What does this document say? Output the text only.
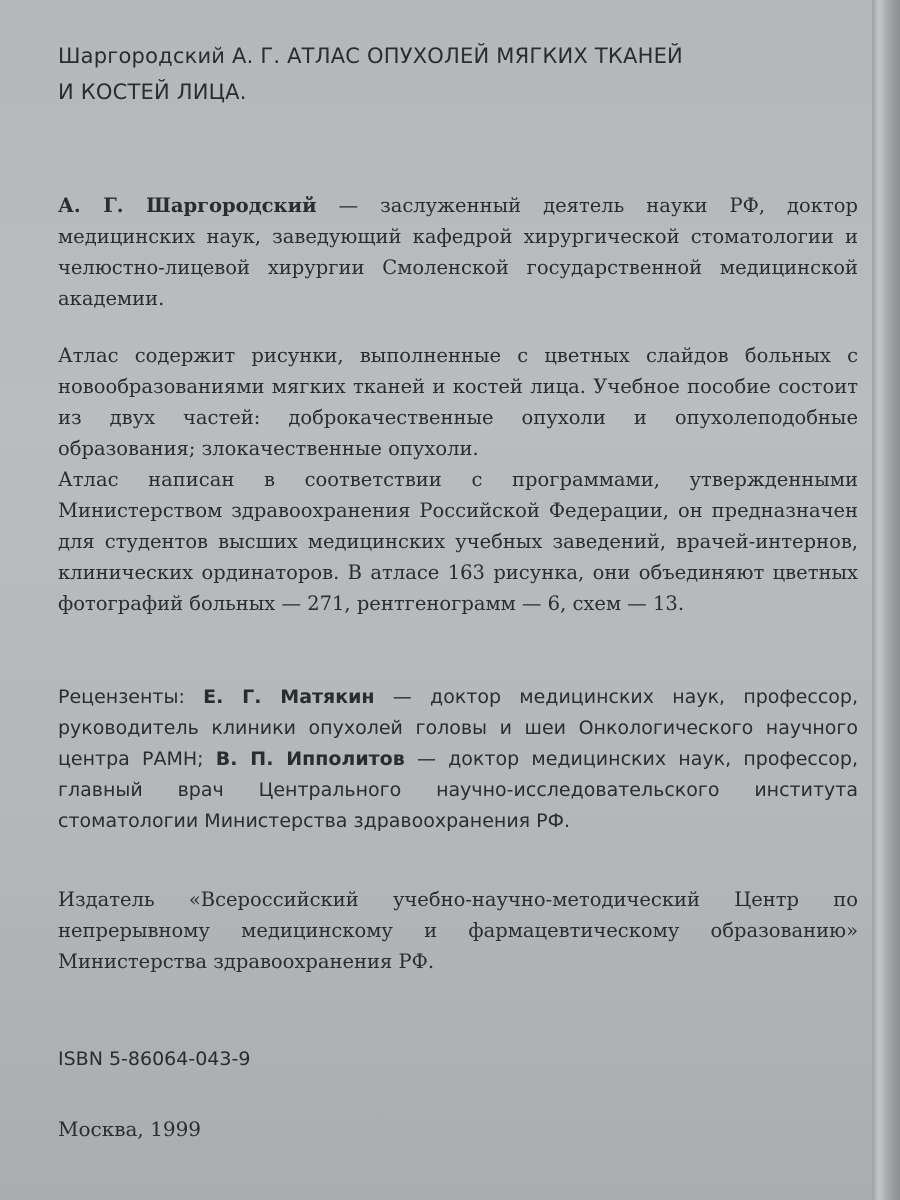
Шаргородский А. Г. АТЛАС ОПУХОЛЕЙ МЯГКИХ ТКАНЕЙ
И КОСТЕЙ ЛИЦА.

А. Г. Шаргородский — заслуженный деятель науки РФ, доктор медицинских наук, заведующий кафедрой хирургической стоматологии и челюстно-лицевой хирургии Смоленской государственной медицинской академии.

Атлас содержит рисунки, выполненные с цветных слайдов больных с новообразованиями мягких тканей и костей лица. Учебное пособие состоит из двух частей: доброкачественные опухоли и опухолеподобные образования; злокачественные опухоли.

Атлас написан в соответствии с программами, утвержденными Министерством здравоохранения Российской Федерации, он предназначен для студентов высших медицинских учебных заведений, врачей-интернов, клинических ординаторов. В атласе 163 рисунка, они объединяют цветных фотографий больных — 271, рентгенограмм — 6, схем — 13.

Рецензенты: Е. Г. Матякин — доктор медицинских наук, профессор, руководитель клиники опухолей головы и шеи Онкологического научного центра РАМН; В. П. Ипполитов — доктор медицинских наук, профессор, главный врач Центрального научно-исследовательского института стоматологии Министерства здравоохранения РФ.

Издатель «Всероссийский учебно-научно-методический Центр по непрерывному медицинскому и фармацевтическому образованию» Министерства здравоохранения РФ.

ISBN 5-86064-043-9
Москва, 1999
